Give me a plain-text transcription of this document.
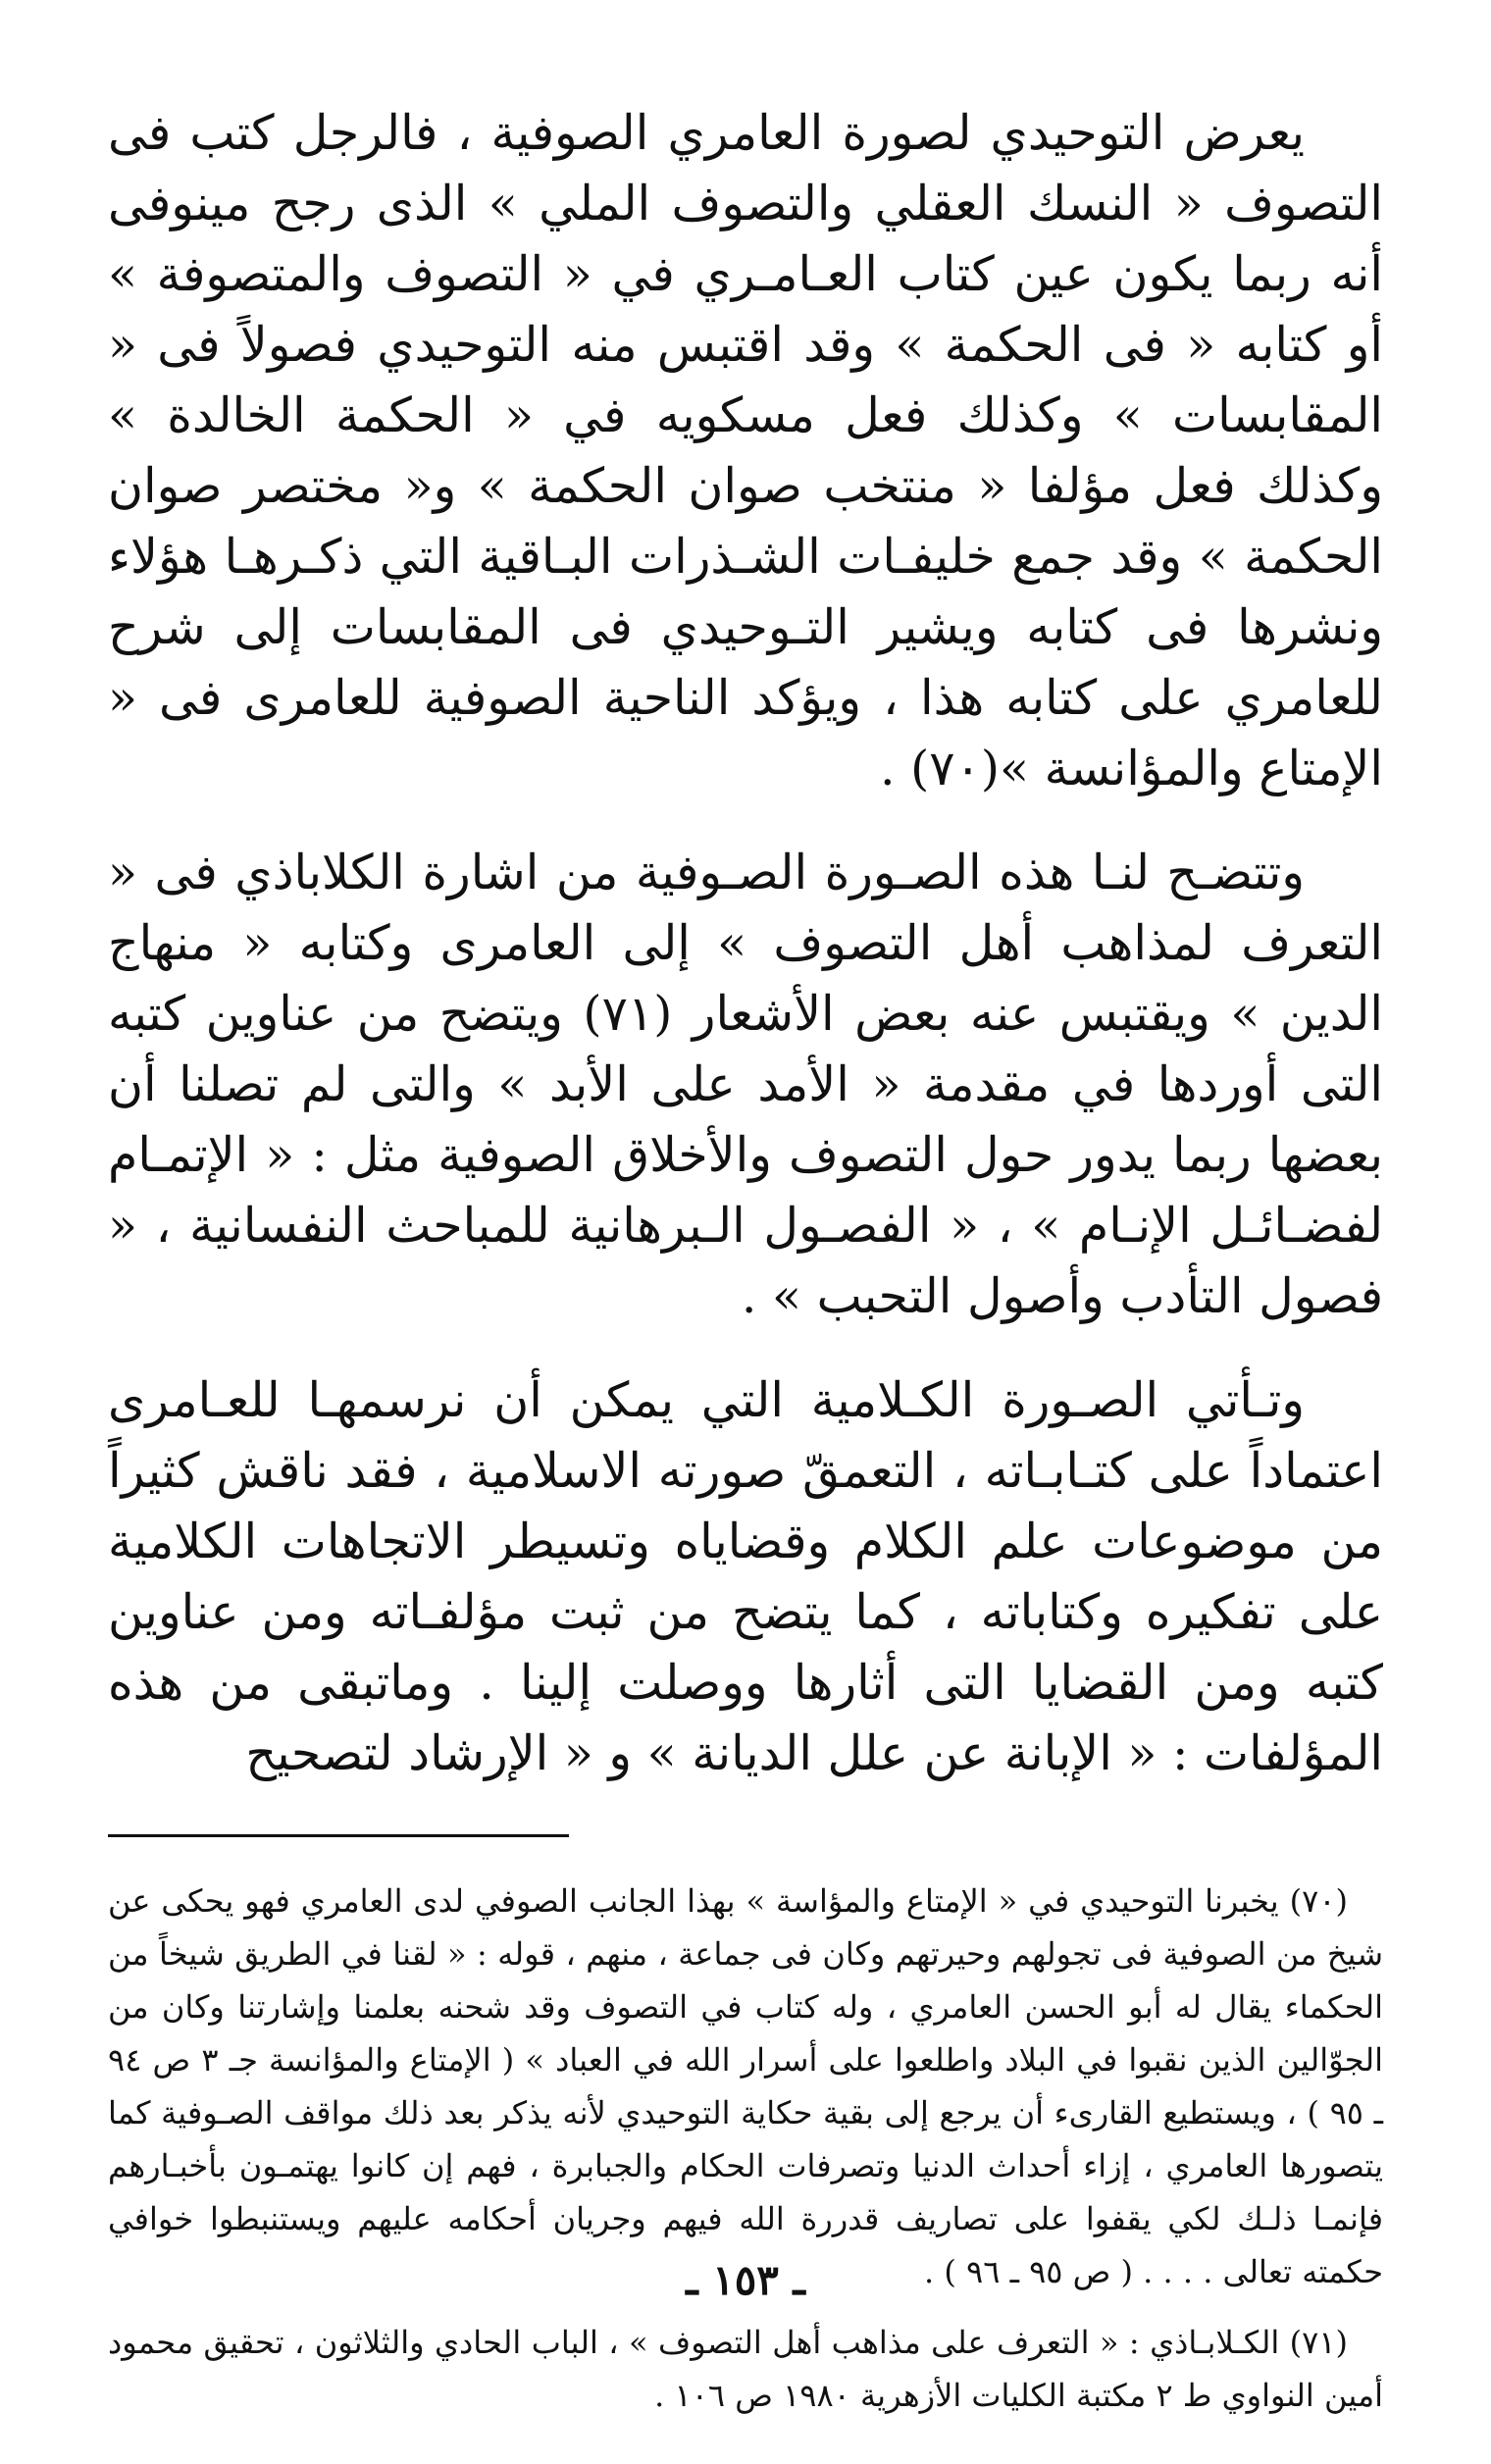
يعرض التوحيدي لصورة العامري الصوفية ، فالرجل كتب فى التصوف « النسك العقلي والتصوف الملي » الذى رجح مينوفى أنه ربما يكون عين كتاب العـامـري في « التصوف والمتصوفة » أو كتابه « فى الحكمة » وقد اقتبس منه التوحيدي فصولاً فى « المقابسات » وكذلك فعل مسكويه في « الحكمة الخالدة » وكذلك فعل مؤلفا « منتخب صوان الحكمة » و« مختصر صوان الحكمة » وقد جمع خليفـات الشـذرات البـاقية التي ذكـرهـا هؤلاء ونشرها فى كتابه ويشير التـوحيدي فى المقابسات إلى شرح للعامري على كتابه هذا ، ويؤكد الناحية الصوفية للعامرى فى « الإمتاع والمؤانسة »(٧٠) .

وتتضـح لنـا هذه الصـورة الصـوفية من اشارة الكلاباذي فى « التعرف لمذاهب أهل التصوف » إلى العامرى وكتابه « منهاج الدين » ويقتبس عنه بعض الأشعار (٧١) ويتضح من عناوين كتبه التى أوردها في مقدمة « الأمد على الأبد » والتى لم تصلنا أن بعضها ربما يدور حول التصوف والأخلاق الصوفية مثل : « الإتمـام لفضـائـل الإنـام » ، « الفصـول الـبرهانية للمباحث النفسانية ، « فصول التأدب وأصول التحبب » .

وتـأتي الصـورة الكـلامية التي يمكن أن نرسمهـا للعـامرى اعتماداً على كتـابـاته ، التعمقّ صورته الاسلامية ، فقد ناقش كثيراً من موضوعات علم الكلام وقضاياه وتسيطر الاتجاهات الكلامية على تفكيره وكتاباته ، كما يتضح من ثبت مؤلفـاته ومن عناوين كتبه ومن القضايا التى أثارها ووصلت إلينا . وماتبقى من هذه المؤلفات : « الإبانة عن علل الديانة » و « الإرشاد لتصحيح

(٧٠) يخبرنا التوحيدي في « الإمتاع والمؤاسة » بهذا الجانب الصوفي لدى العامري فهو يحكى عن شيخ من الصوفية فى تجولهم وحيرتهم وكان فى جماعة ، منهم ، قوله : « لقنا في الطريق شيخاً من الحكماء يقال له أبو الحسن العامري ، وله كتاب في التصوف وقد شحنه بعلمنا وإشارتنا وكان من الجوّالين الذين نقبوا في البلاد واطلعوا على أسرار الله في العباد » ( الإمتاع والمؤانسة جـ ٣ ص ٩٤ ـ ٩٥ ) ، ويستطيع القارىء أن يرجع إلى بقية حكاية التوحيدي لأنه يذكر بعد ذلك مواقف الصـوفية كما يتصورها العامري ، إزاء أحداث الدنيا وتصرفات الحكام والجبابرة ، فهم إن كانوا يهتمـون بأخبـارهم فإنمـا ذلـك لكي يقفوا على تصاريف قدررة الله فيهم وجريان أحكامه عليهم ويستنبطوا خوافي حكمته تعالى . . . . ( ص ٩٥ ـ ٩٦ ) .

(٧١) الكـلابـاذي : « التعرف على مذاهب أهل التصوف » ، الباب الحادي والثلاثون ، تحقيق محمود أمين النواوي ط ٢ مكتبة الكليات الأزهرية ١٩٨٠ ص ١٠٦ .

ـ ١٥٣ ـ
